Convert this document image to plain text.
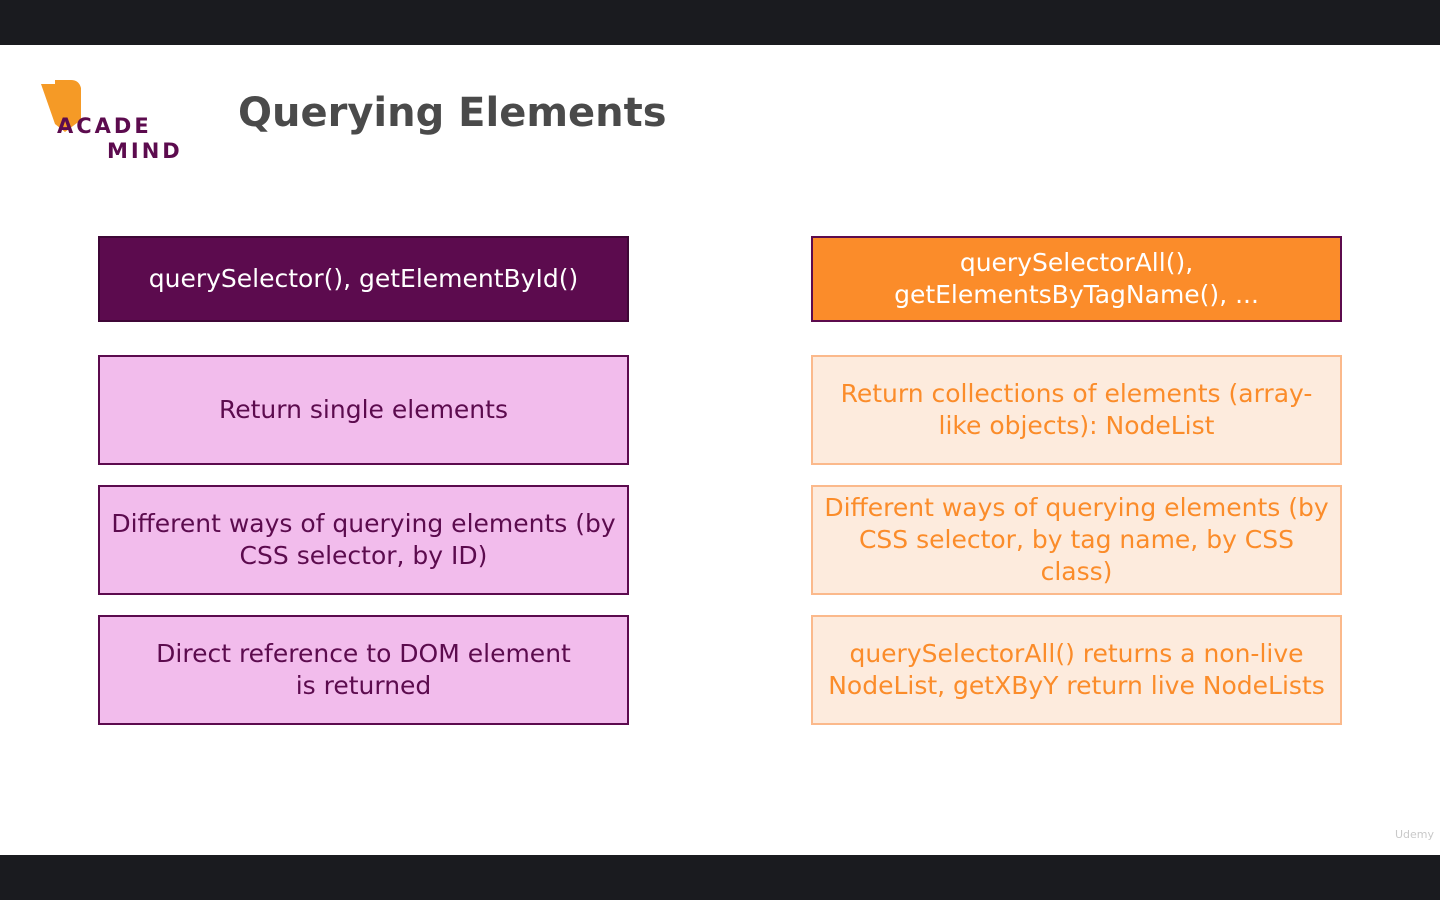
ACADE
MIND
Querying Elements
querySelector(), getElementById()
querySelectorAll(), getElementsByTagName(), ...
Return single elements
Different ways of querying elements (by CSS selector, by ID)
Direct reference to DOM element is returned
Return collections of elements (array-like objects): NodeList
Different ways of querying elements (by CSS selector, by tag name, by CSS class)
querySelectorAll() returns a non-live NodeList, getXByY return live NodeLists
Udemy
